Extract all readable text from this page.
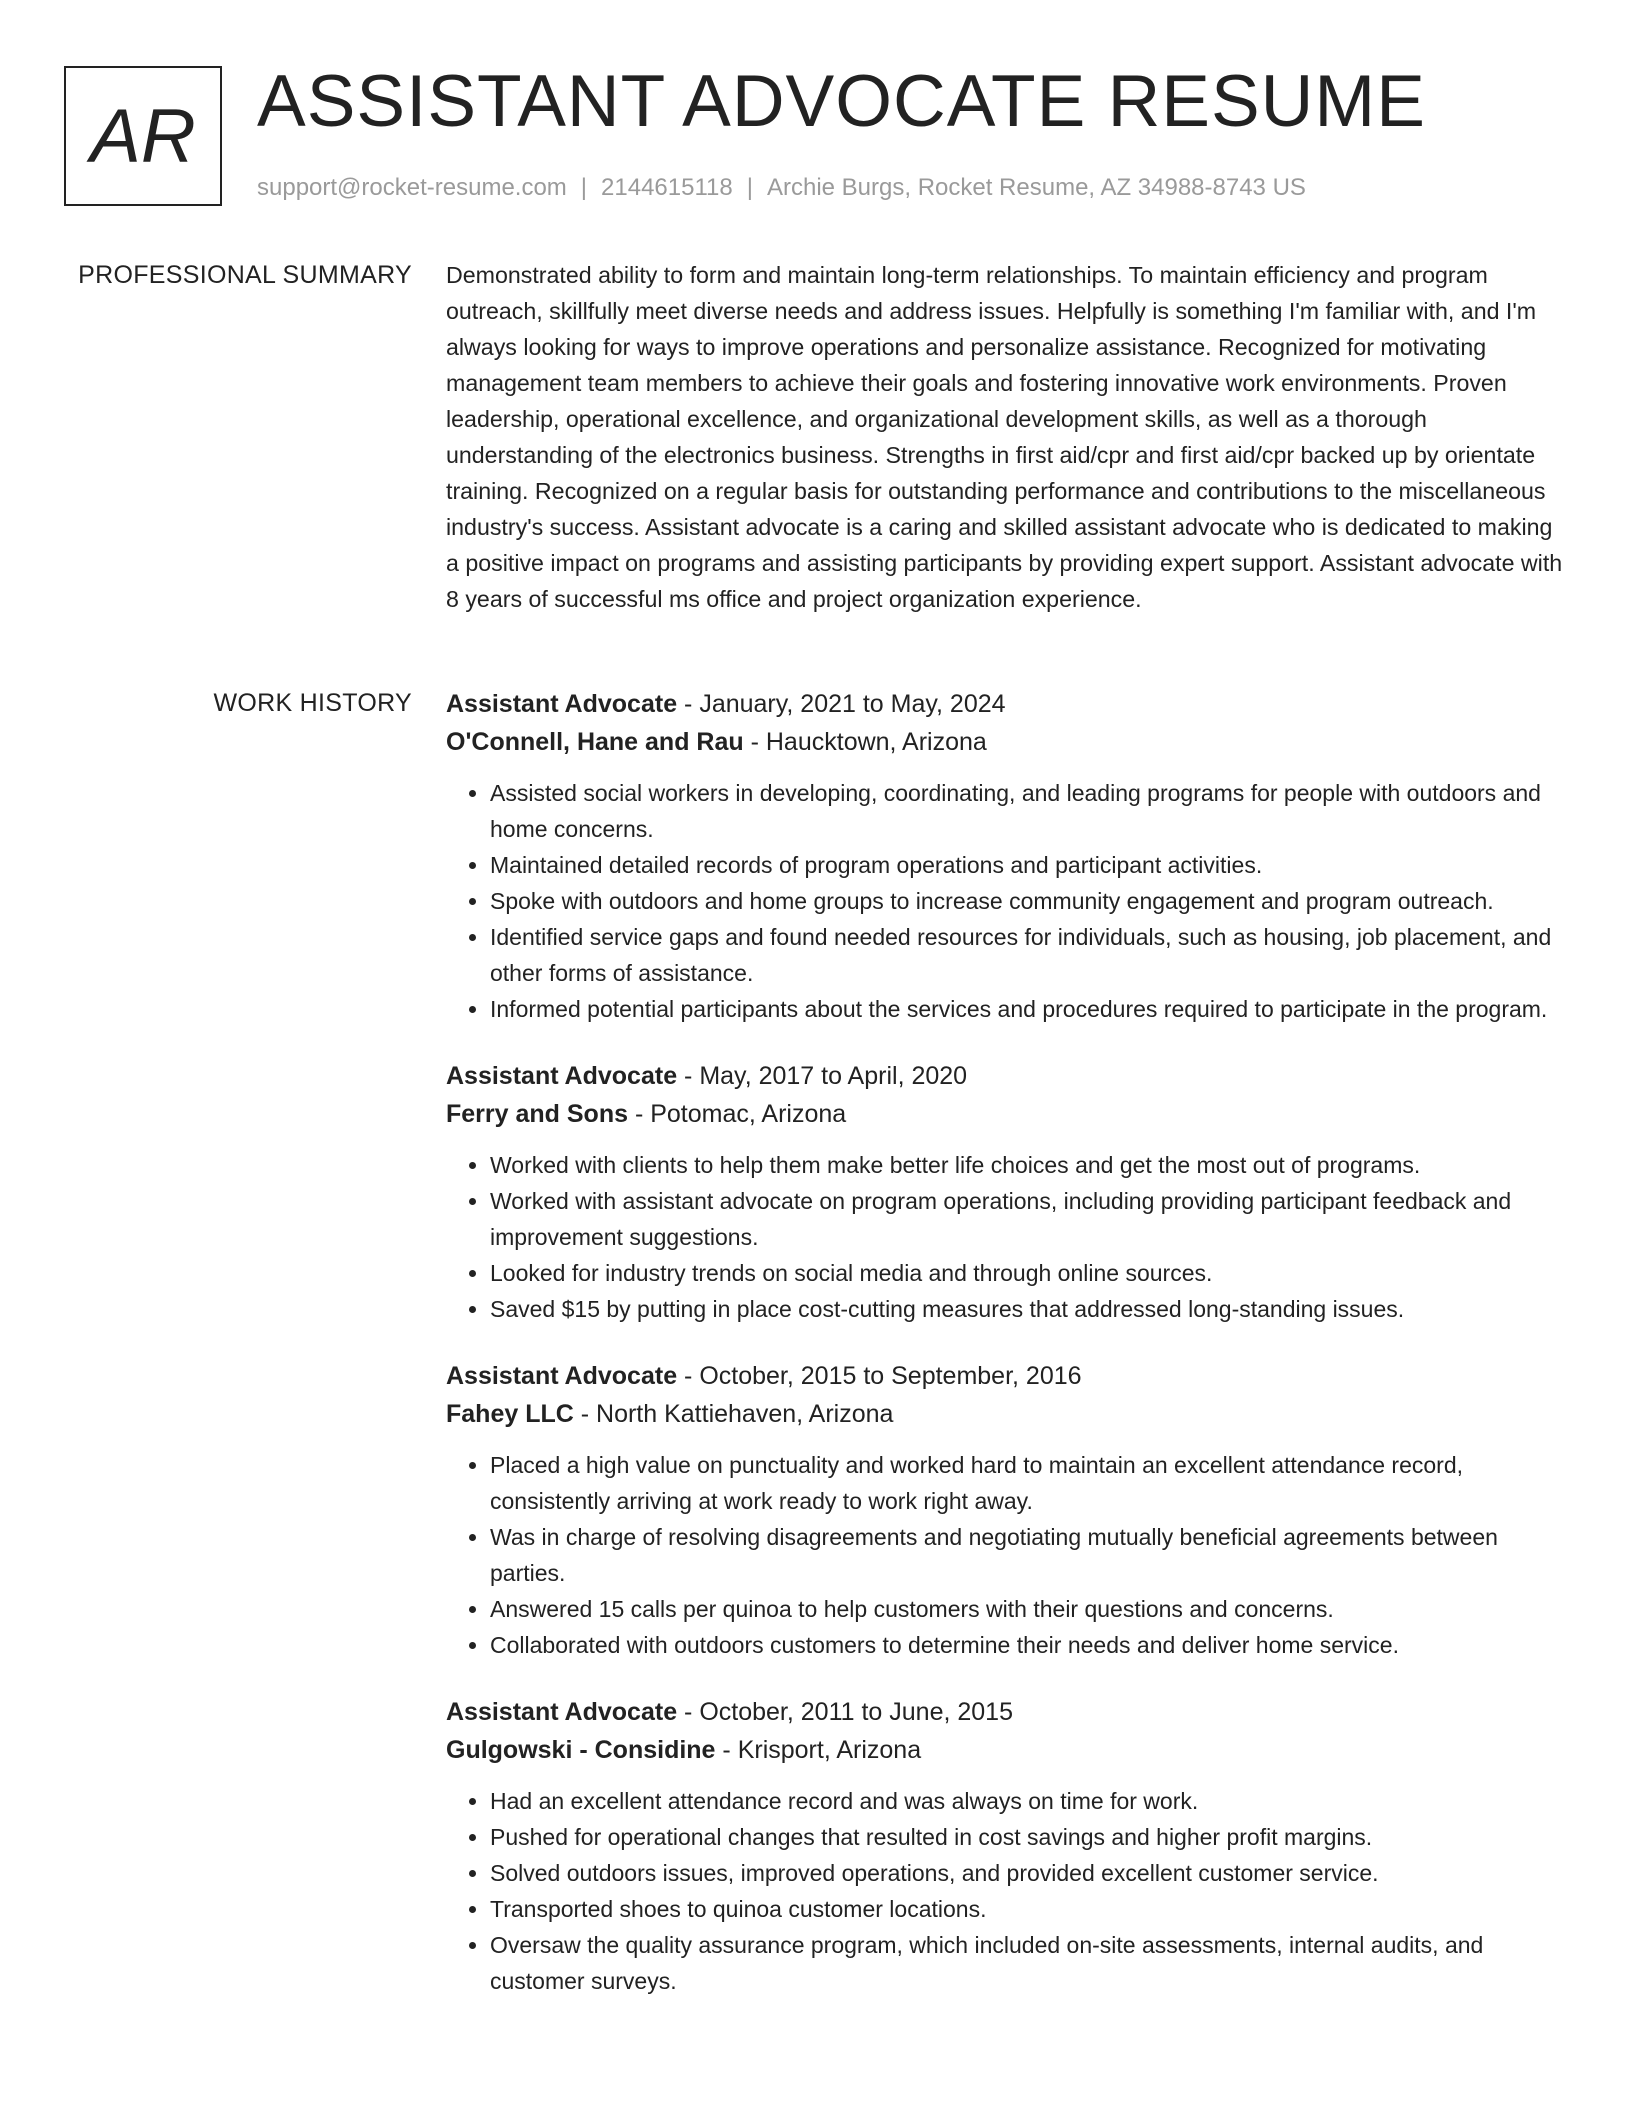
AR ASSISTANT ADVOCATE RESUME
support@rocket-resume.com | 2144615118 | Archie Burgs, Rocket Resume, AZ 34988-8743 US
PROFESSIONAL SUMMARY Demonstrated ability to form and maintain long-term relationships. To maintain efficiency and program outreach, skillfully meet diverse needs and address issues. Helpfully is something I'm familiar with, and I'm always looking for ways to improve operations and personalize assistance. Recognized for motivating management team members to achieve their goals and fostering innovative work environments. Proven leadership, operational excellence, and organizational development skills, as well as a thorough understanding of the electronics business. Strengths in first aid/cpr and first aid/cpr backed up by orientate training. Recognized on a regular basis for outstanding performance and contributions to the miscellaneous industry's success. Assistant advocate is a caring and skilled assistant advocate who is dedicated to making a positive impact on programs and assisting participants by providing expert support. Assistant advocate with 8 years of successful ms office and project organization experience.

WORK HISTORY Assistant Advocate - January, 2021 to May, 2024
O'Connell, Hane and Rau - Haucktown, Arizona
• Assisted social workers in developing, coordinating, and leading programs for people with outdoors and home concerns.
• Maintained detailed records of program operations and participant activities.
• Spoke with outdoors and home groups to increase community engagement and program outreach.
• Identified service gaps and found needed resources for individuals, such as housing, job placement, and other forms of assistance.
• Informed potential participants about the services and procedures required to participate in the program.
Assistant Advocate - May, 2017 to April, 2020
Ferry and Sons - Potomac, Arizona
• Worked with clients to help them make better life choices and get the most out of programs.
• Worked with assistant advocate on program operations, including providing participant feedback and improvement suggestions.
• Looked for industry trends on social media and through online sources.
• Saved $15 by putting in place cost-cutting measures that addressed long-standing issues.
Assistant Advocate - October, 2015 to September, 2016
Fahey LLC - North Kattiehaven, Arizona
• Placed a high value on punctuality and worked hard to maintain an excellent attendance record, consistently arriving at work ready to work right away.
• Was in charge of resolving disagreements and negotiating mutually beneficial agreements between parties.
• Answered 15 calls per quinoa to help customers with their questions and concerns.
• Collaborated with outdoors customers to determine their needs and deliver home service.
Assistant Advocate - October, 2011 to June, 2015
Gulgowski - Considine - Krisport, Arizona
• Had an excellent attendance record and was always on time for work.
• Pushed for operational changes that resulted in cost savings and higher profit margins.
• Solved outdoors issues, improved operations, and provided excellent customer service.
• Transported shoes to quinoa customer locations.
• Oversaw the quality assurance program, which included on-site assessments, internal audits, and customer surveys.
